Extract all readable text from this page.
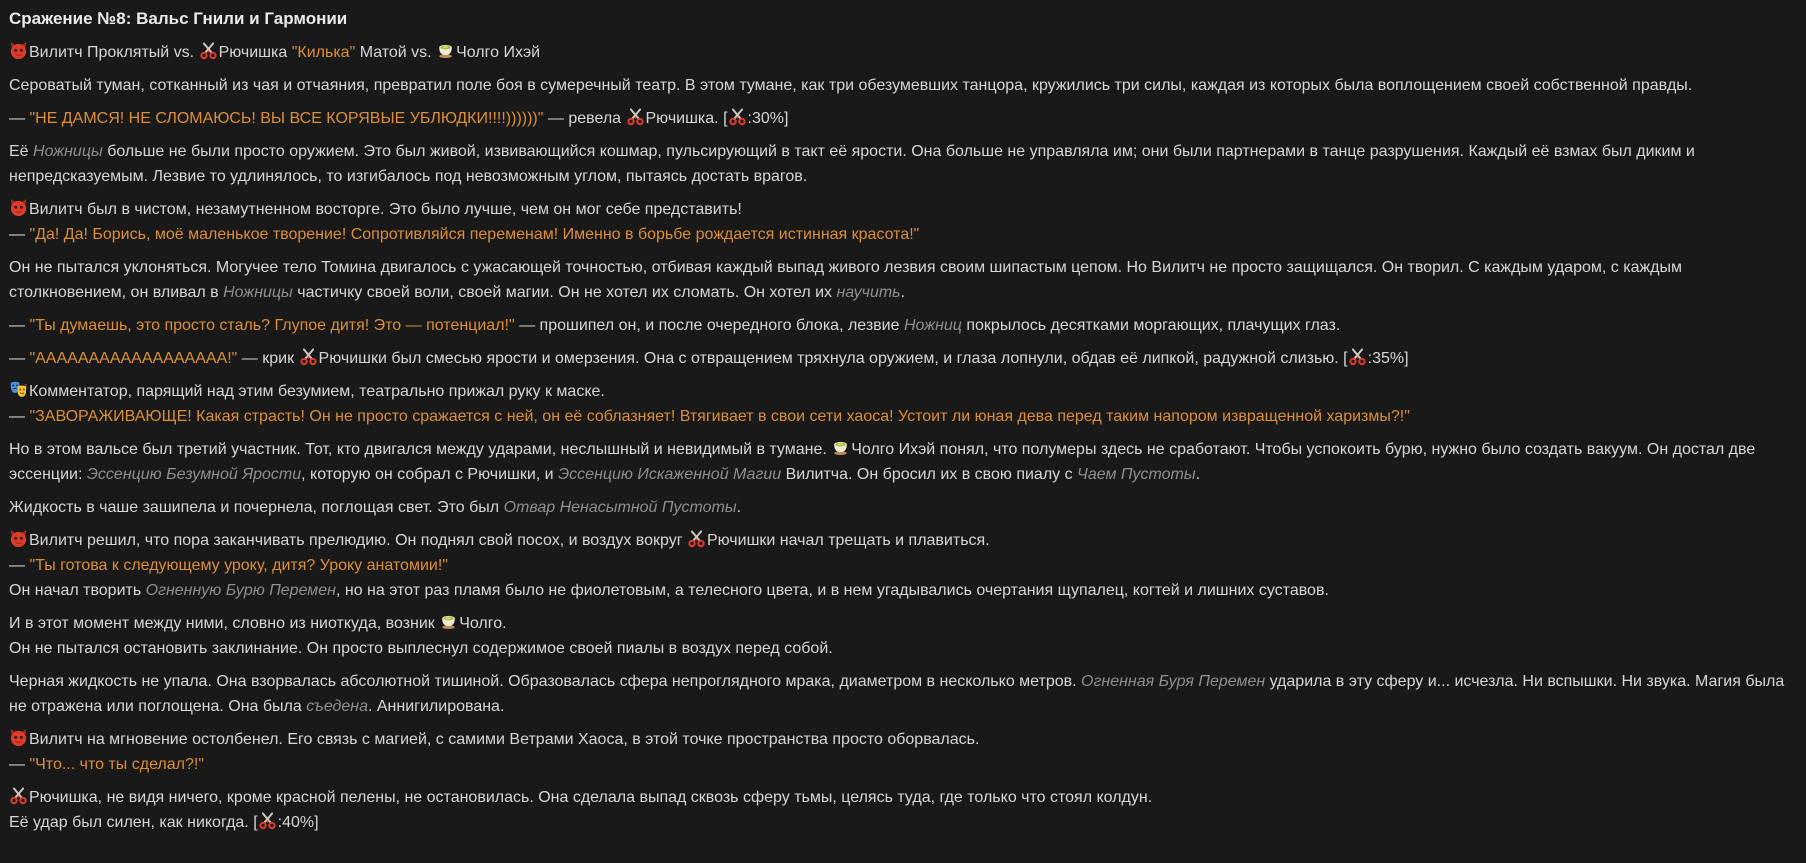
Сражение №8: Вальс Гнили и Гармонии

Вилитч Проклятый vs.
Рючишка "Килька" Матой vs.
Чолго Ихэй

Сероватый туман, сотканный из чая и отчаяния, превратил поле боя в сумеречный театр. В этом тумане, как три обезумевших танцора, кружились три силы, каждая из которых была воплощением своей собственной правды.

— "НЕ ДАМСЯ! НЕ СЛОМАЮСЬ! ВЫ ВСЕ КОРЯВЫЕ УБЛЮДКИ!!!!))))))" — ревела
Рючишка. [ :30%]

Её Ножницы больше не были просто оружием. Это был живой, извивающийся кошмар, пульсирующий в такт её ярости. Она больше не управляла им; они были партнерами в танце разрушения. Каждый её взмах был диким и непредсказуемым. Лезвие то удлинялось, то изгибалось под невозможным углом, пытаясь достать врагов.

Вилитч был в чистом, незамутненном восторге. Это было лучше, чем он мог себе представить!
— "Да! Да! Борись, моё маленькое творение! Сопротивляйся переменам! Именно в борьбе рождается истинная красота!"

Он не пытался уклоняться. Могучее тело Томина двигалось с ужасающей точностью, отбивая каждый выпад живого лезвия своим шипастым цепом. Но Вилитч не просто защищался. Он творил. С каждым ударом, с каждым столкновением, он вливал в Ножницы частичку своей воли, своей магии. Он не хотел их сломать. Он хотел их научить.

— "Ты думаешь, это просто сталь? Глупое дитя! Это — потенциал!" — прошипел он, и после очередного блока, лезвие Ножниц покрылось десятками моргающих, плачущих глаз.

— "АААААААААААААААААА!" — крик
Рючишки был смесью ярости и омерзения. Она с отвращением тряхнула оружием, и глаза лопнули, обдав её липкой, радужной слизью. [ :35%]

Комментатор, парящий над этим безумием, театрально прижал руку к маске.
— "ЗАВОРАЖИВАЮЩЕ! Какая страсть! Он не просто сражается с ней, он её соблазняет! Втягивает в свои сети хаоса! Устоит ли юная дева перед таким напором извращенной харизмы?!"

Но в этом вальсе был третий участник. Тот, кто двигался между ударами, неслышный и невидимый в тумане.
Чолго Ихэй понял, что полумеры здесь не сработают. Чтобы успокоить бурю, нужно было создать вакуум. Он достал две эссенции: Эссенцию Безумной Ярости, которую он собрал с Рючишки, и Эссенцию Искаженной Магии Вилитча. Он бросил их в свою пиалу с Чаем Пустоты.

Жидкость в чаше зашипела и почернела, поглощая свет. Это был Отвар Ненасытной Пустоты.

Вилитч решил, что пора заканчивать прелюдию. Он поднял свой посох, и воздух вокруг
Рючишки начал трещать и плавиться.
— "Ты готова к следующему уроку, дитя? Уроку анатомии!"
Он начал творить Огненную Бурю Перемен, но на этот раз пламя было не фиолетовым, а телесного цвета, и в нем угадывались очертания щупалец, когтей и лишних суставов.

И в этот момент между ними, словно из ниоткуда, возник
Чолго.
Он не пытался остановить заклинание. Он просто выплеснул содержимое своей пиалы в воздух перед собой.

Черная жидкость не упала. Она взорвалась абсолютной тишиной. Образовалась сфера непроглядного мрака, диаметром в несколько метров. Огненная Буря Перемен ударила в эту сферу и... исчезла. Ни вспышки. Ни звука. Магия была не отражена или поглощена. Она была съедена. Аннигилирована.

Вилитч на мгновение остолбенел. Его связь с магией, с самими Ветрами Хаоса, в этой точке пространства просто оборвалась.
— "Что... что ты сделал?!"

Рючишка, не видя ничего, кроме красной пелены, не остановилась. Она сделала выпад сквозь сферу тьмы, целясь туда, где только что стоял колдун.
Её удар был силен, как никогда. [ :40%]
